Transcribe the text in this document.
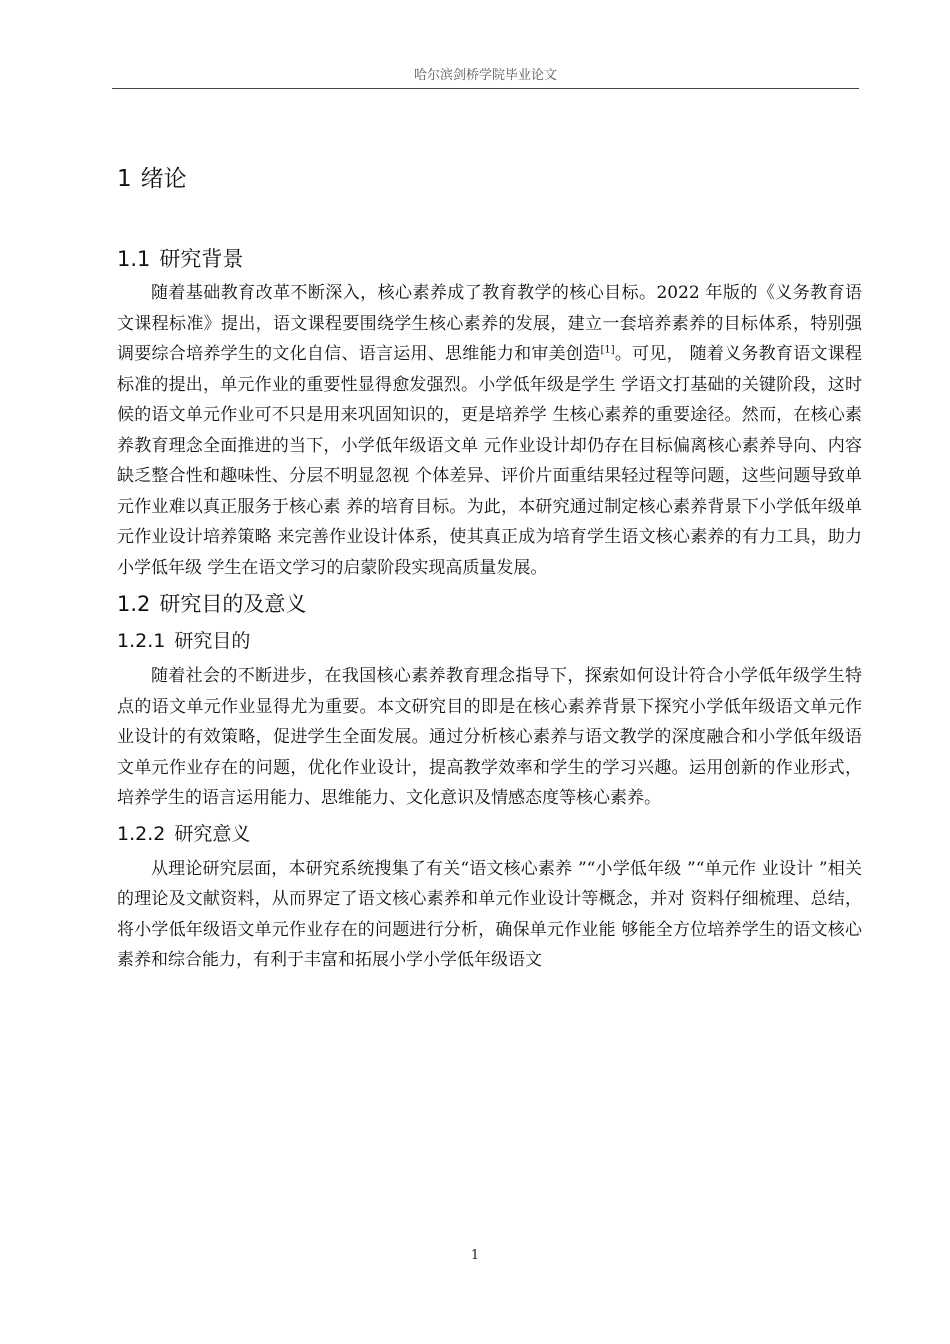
哈尔滨剑桥学院毕业论文
1 绪论
1.1 研究背景

随着基础教育改革不断深入，核心素养成了教育教学的核心目标。2022 年版的《义务教育语文课程标准》提出，语文课程要围绕学生核心素养的发展，建立一套培养素养的目标体系，特别强调要综合培养学生的文化自信、语言运用、思维能力和审美创造[1]。可见， 随着义务教育语文课程标准的提出，单元作业的重要性显得愈发强烈。小学低年级是学生 学语文打基础的关键阶段，这时候的语文单元作业可不只是用来巩固知识的，更是培养学 生核心素养的重要途径。然而，在核心素养教育理念全面推进的当下，小学低年级语文单 元作业设计却仍存在目标偏离核心素养导向、内容缺乏整合性和趣味性、分层不明显忽视 个体差异、评价片面重结果轻过程等问题，这些问题导致单元作业难以真正服务于核心素 养的培育目标。为此，本研究通过制定核心素养背景下小学低年级单元作业设计培养策略 来完善作业设计体系，使其真正成为培育学生语文核心素养的有力工具，助力小学低年级 学生在语文学习的启蒙阶段实现高质量发展。

1.2 研究目的及意义
1.2.1 研究目的

随着社会的不断进步，在我国核心素养教育理念指导下，探索如何设计符合小学低年级学生特点的语文单元作业显得尤为重要。本文研究目的即是在核心素养背景下探究小学低年级语文单元作业设计的有效策略，促进学生全面发展。通过分析核心素养与语文教学的深度融合和小学低年级语文单元作业存在的问题，优化作业设计，提高教学效率和学生的学习兴趣。运用创新的作业形式，培养学生的语言运用能力、思维能力、文化意识及情感态度等核心素养。

1.2.2 研究意义

从理论研究层面，本研究系统搜集了有关“语文核心素养 ”“小学低年级 ”“单元作 业设计 ”相关的理论及文献资料，从而界定了语文核心素养和单元作业设计等概念，并对 资料仔细梳理、总结，将小学低年级语文单元作业存在的问题进行分析，确保单元作业能 够能全方位培养学生的语文核心素养和综合能力，有利于丰富和拓展小学小学低年级语文

1
